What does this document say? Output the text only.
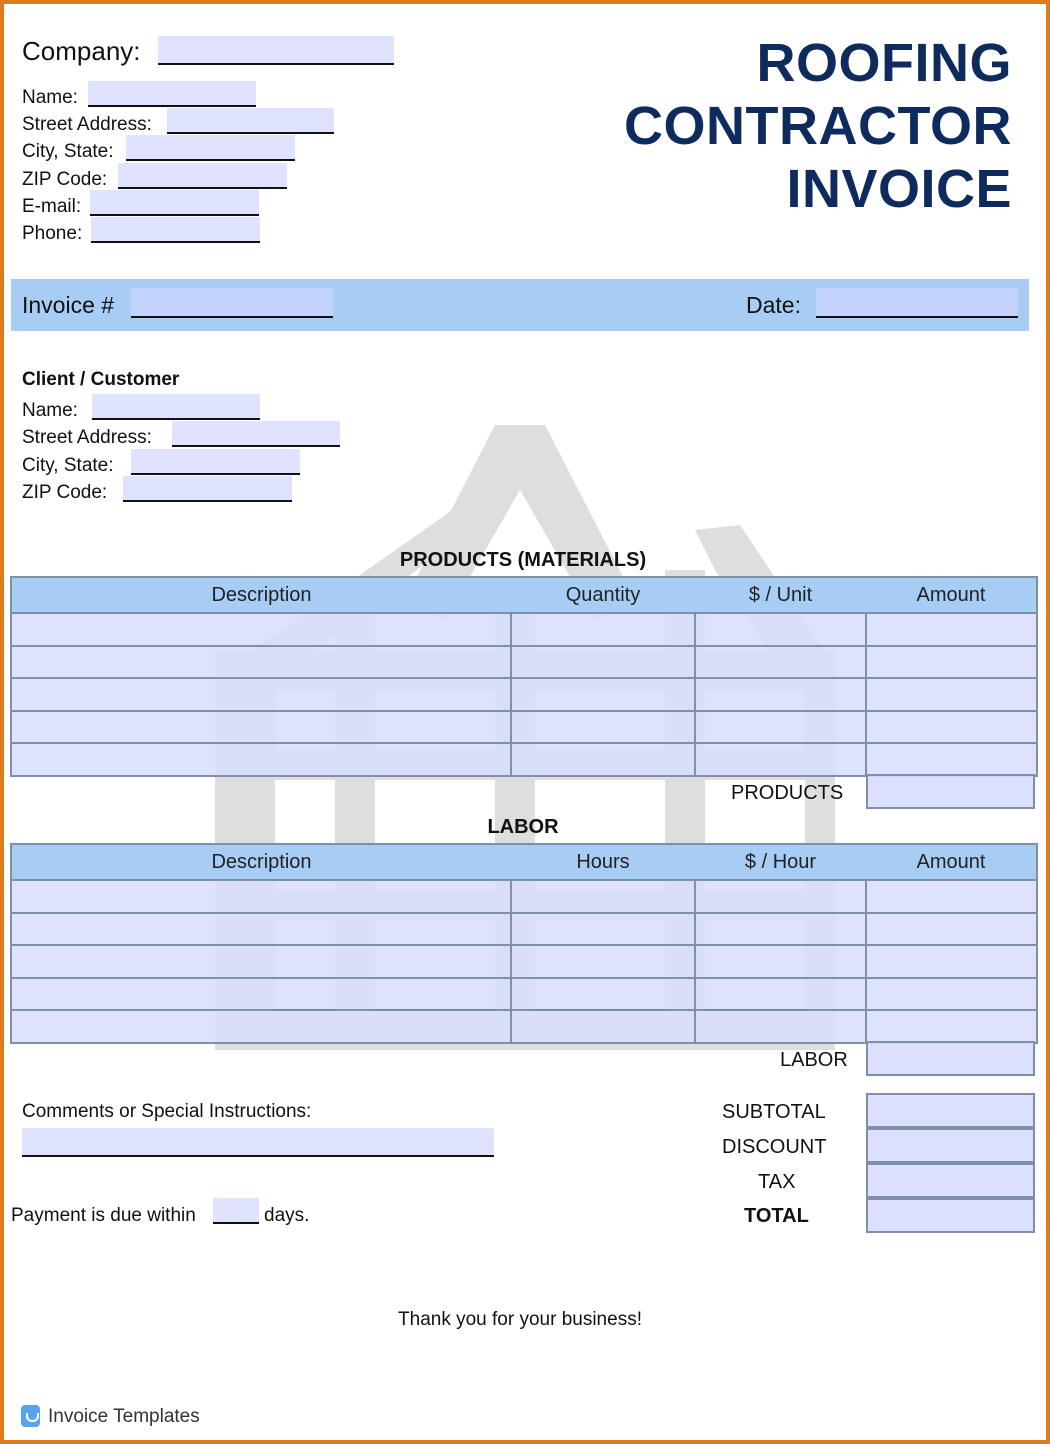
Company:
Name:
Street Address:
City, State:
ZIP Code:
E-mail:
Phone:
ROOFING
CONTRACTOR
INVOICE
Invoice #	Date:
Client / Customer
Name:
Street Address:
City, State:
ZIP Code:
PRODUCTS (MATERIALS)
Description	Quantity	$ / Unit	Amount

PRODUCTS
LABOR
Description	Hours	$ / Hour	Amount

LABOR
Comments or Special Instructions:
Payment is due within	days.
SUBTOTAL
DISCOUNT
TAX
TOTAL
Thank you for your business!
Invoice Templates
